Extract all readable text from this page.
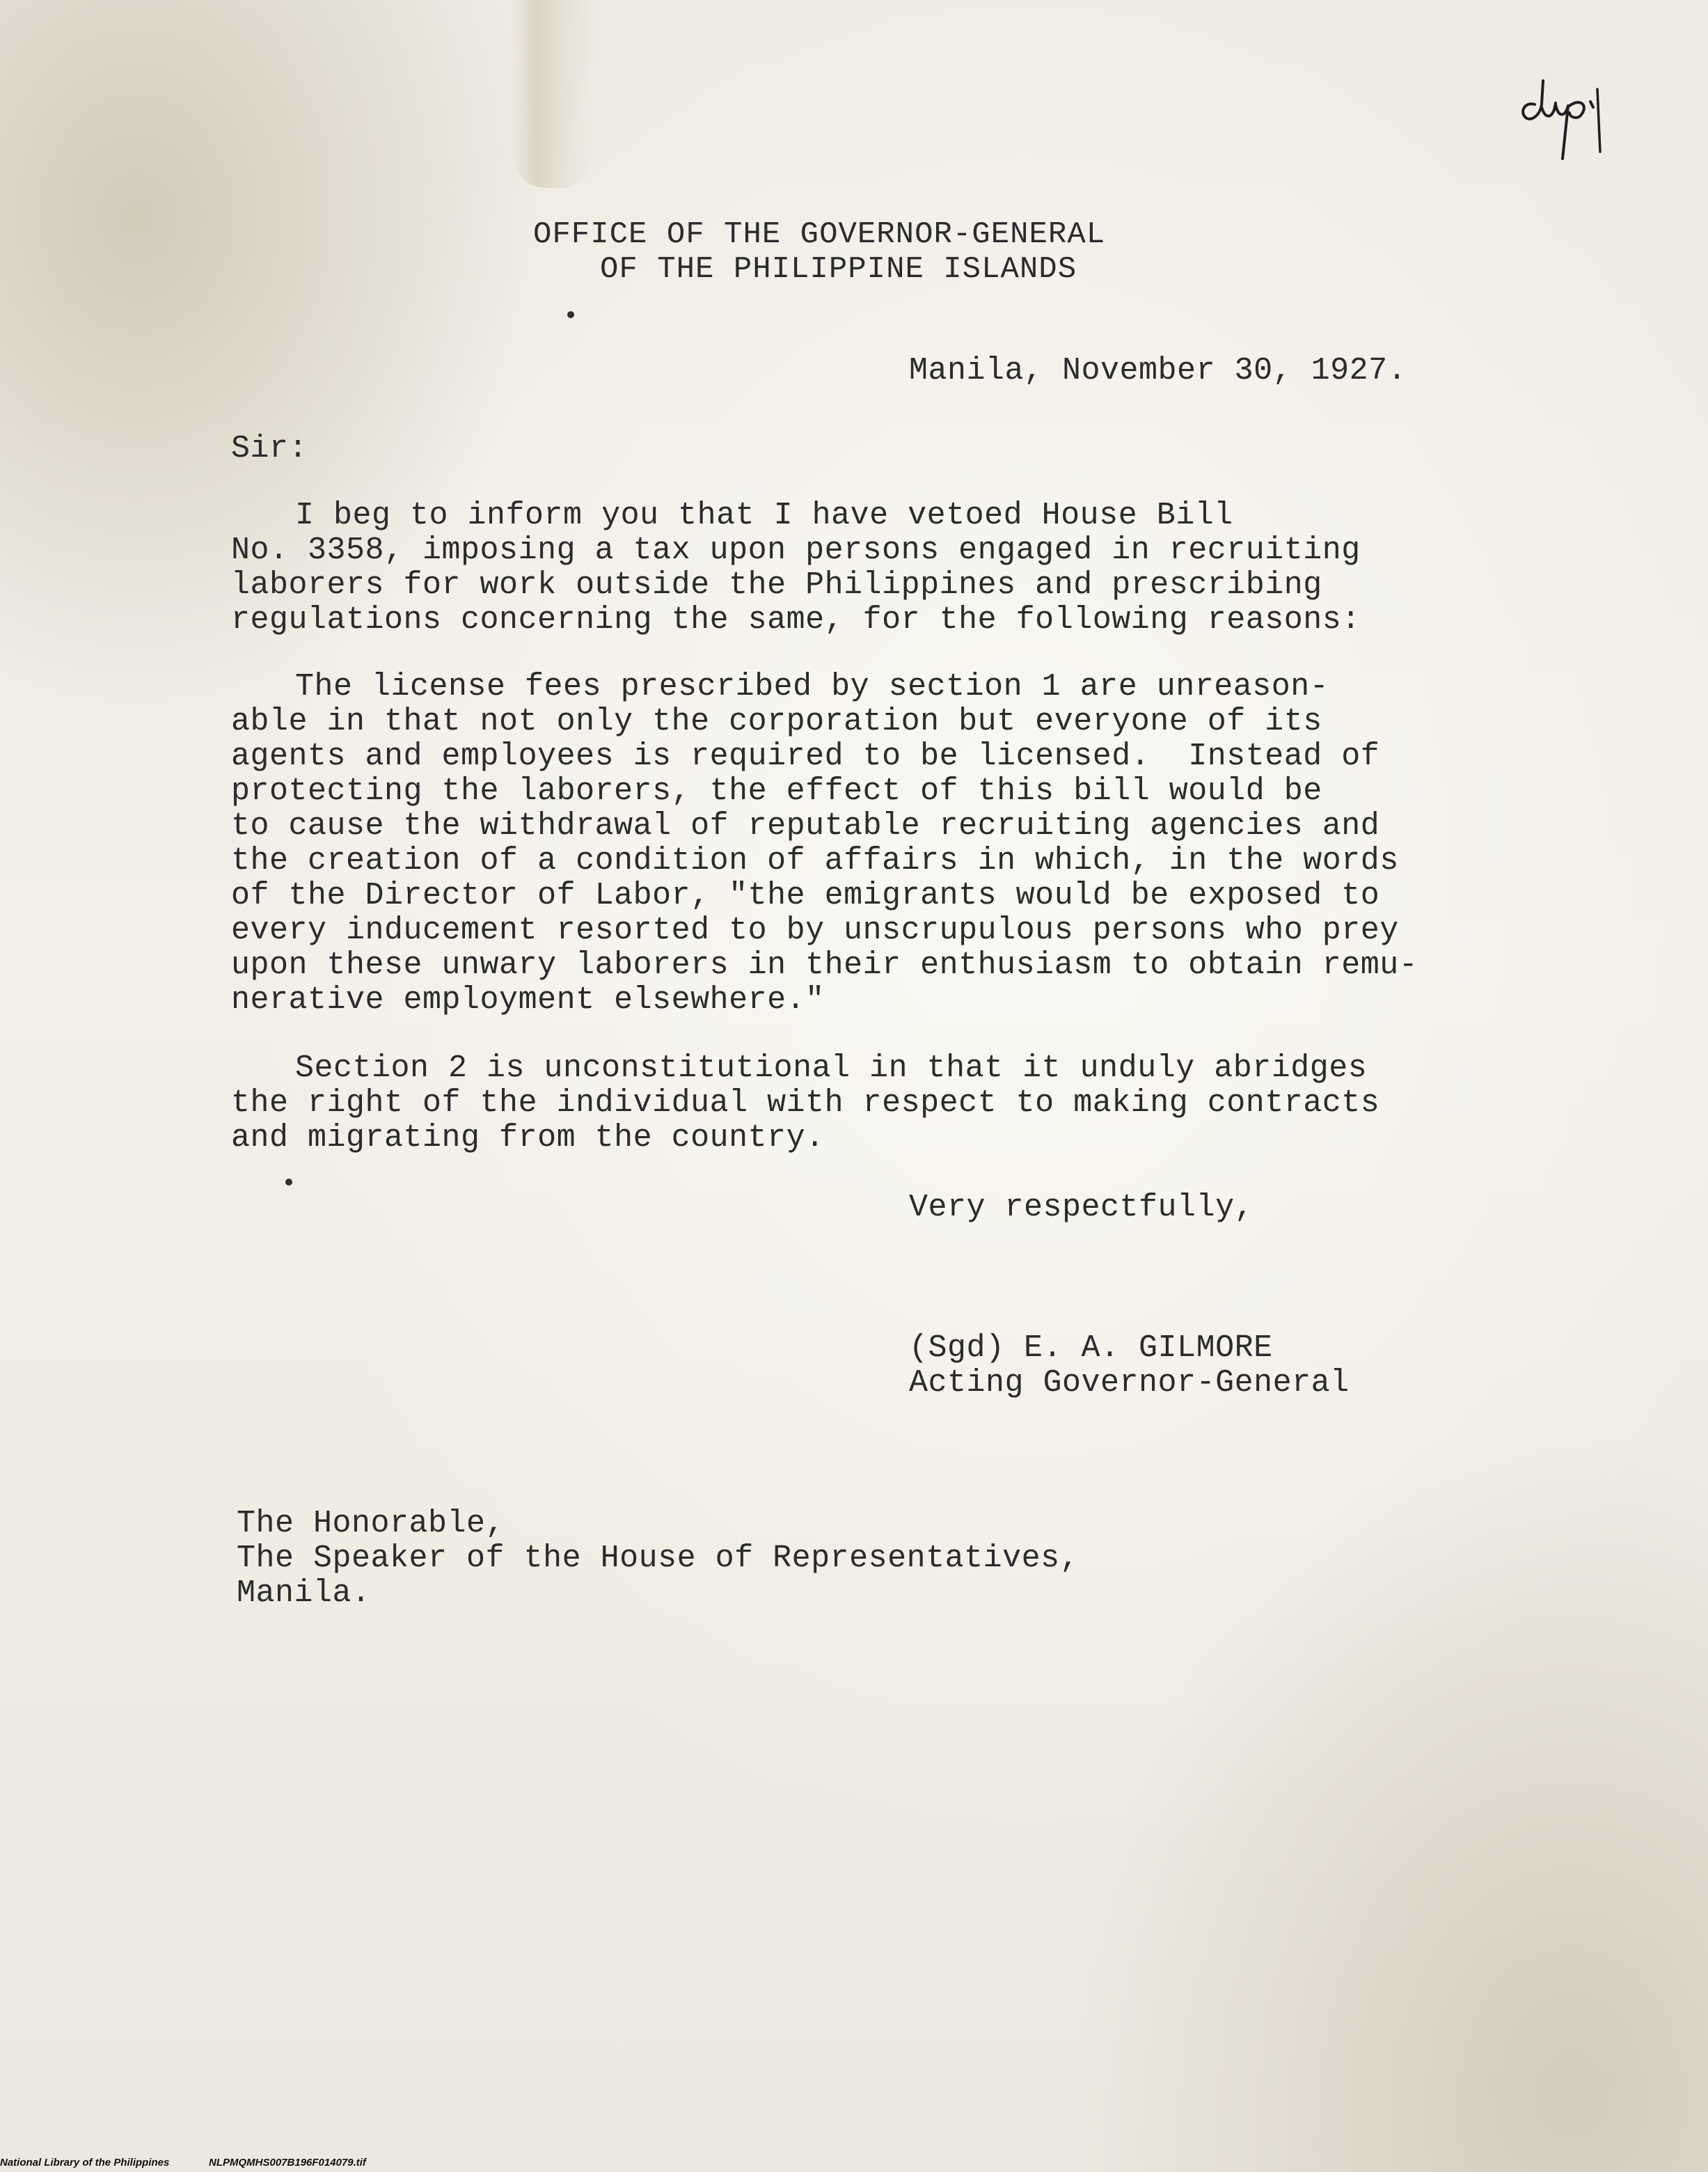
OFFICE OF THE GOVERNOR-GENERAL
OF THE PHILIPPINE ISLANDS
Manila, November 30, 1927.
Sir:
I beg to inform you that I have vetoed House Bill
No. 3358, imposing a tax upon persons engaged in recruiting
laborers for work outside the Philippines and prescribing
regulations concerning the same, for the following reasons:
The license fees prescribed by section 1 are unreason-
able in that not only the corporation but everyone of its
agents and employees is required to be licensed.  Instead of
protecting the laborers, the effect of this bill would be
to cause the withdrawal of reputable recruiting agencies and
the creation of a condition of affairs in which, in the words
of the Director of Labor, "the emigrants would be exposed to
every inducement resorted to by unscrupulous persons who prey
upon these unwary laborers in their enthusiasm to obtain remu-
nerative employment elsewhere."
Section 2 is unconstitutional in that it unduly abridges
the right of the individual with respect to making contracts
and migrating from the country.
Very respectfully,
(Sgd) E. A. GILMORE
Acting Governor-General
The Honorable,
The Speaker of the House of Representatives,
Manila.
National Library of the Philippines	NLPMQMHS007B196F014079.tif
